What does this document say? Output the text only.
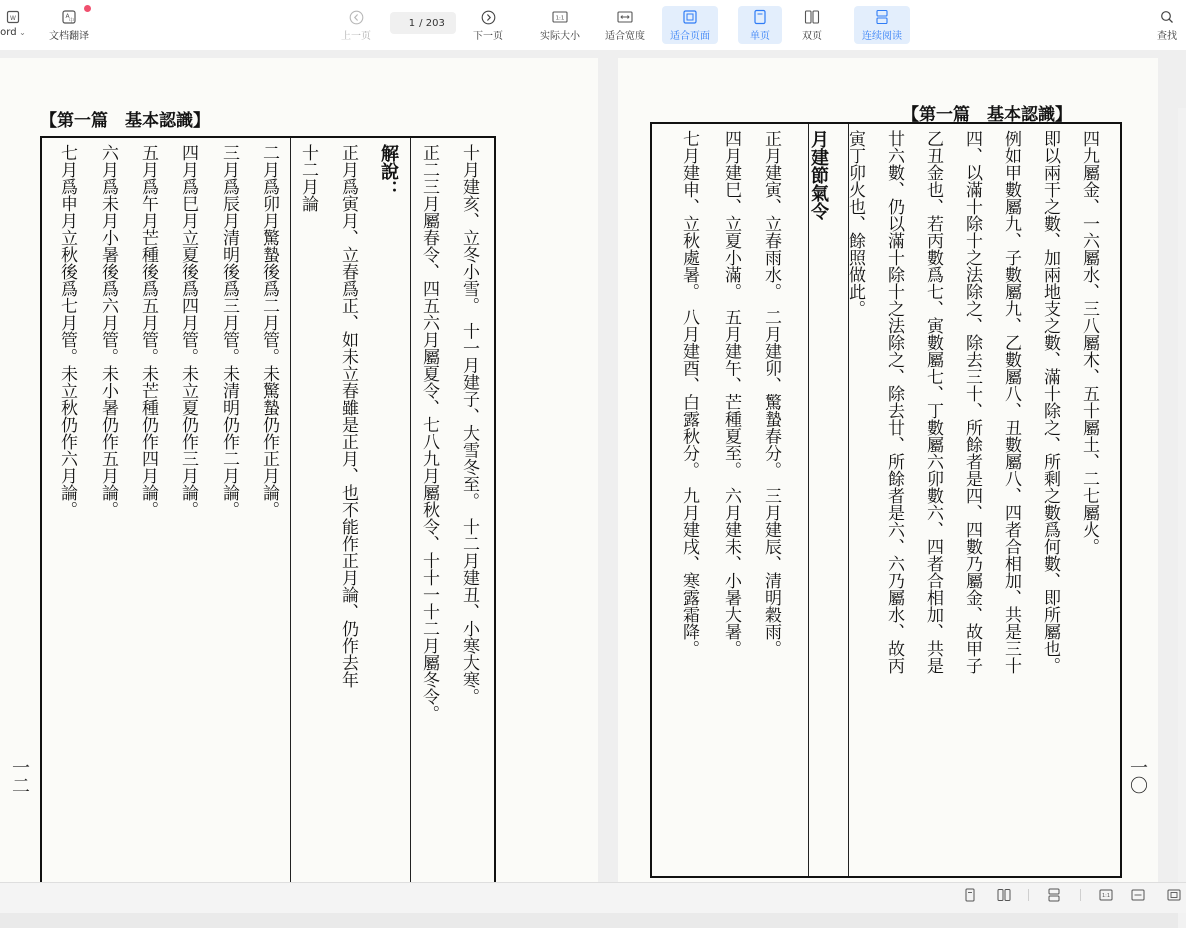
W
ord ⌄
A
中
文档翻译	上一页
1
/ 203
下一页
1:1
实际大小	适合宽度	适合页面	单页	双页	连续阅读	查找
【第一篇　基本認識】
十月建亥、立冬小雪。　十一月建子、大雪冬至。　十二月建丑、小寒大寒。
正二三月屬春令、四五六月屬夏令、七八九月屬秋令、十十一十二月屬冬令。
解說：
正月爲寅月、立春爲正、如未立春雖是正月、也不能作正月論、仍作去年
十二月論
二月爲卯月驚蟄後爲二月管。未驚蟄仍作正月論。
三月爲辰月清明後爲三月管。未清明仍作二月論。
四月爲巳月立夏後爲四月管。未立夏仍作三月論。
五月爲午月芒種後爲五月管。未芒種仍作四月論。
六月爲未月小暑後爲六月管。未小暑仍作五月論。
七月爲申月立秋後爲七月管。未立秋仍作六月論。
一二
【第一篇　基本認識】
四九屬金、一六屬水、三八屬木、五十屬土、二七屬火。
即以兩干之數、加兩地支之數、滿十除之、所剩之數爲何數、即所屬也。
例如甲數屬九、子數屬九、乙數屬八、丑數屬八、四者合相加、共是三十
四、以滿十除十之法除之、除去三十、所餘者是四、四數乃屬金、故甲子
乙丑金也、若丙數爲七、寅數屬七、丁數屬六卯數六、四者合相加、共是
廿六數、仍以滿十除十之法除之、除去廿、所餘者是六、六乃屬水、故丙
寅丁卯火也、餘照做此。
月建節氣令
正月建寅、立春雨水。　二月建卯、驚蟄春分。　三月建辰、清明穀雨。
四月建巳、立夏小滿。　五月建午、芒種夏至。　六月建未、小暑大暑。
七月建申、立秋處暑。　八月建酉、白露秋分。　九月建戌、寒露霜降。
一〇
1:1
